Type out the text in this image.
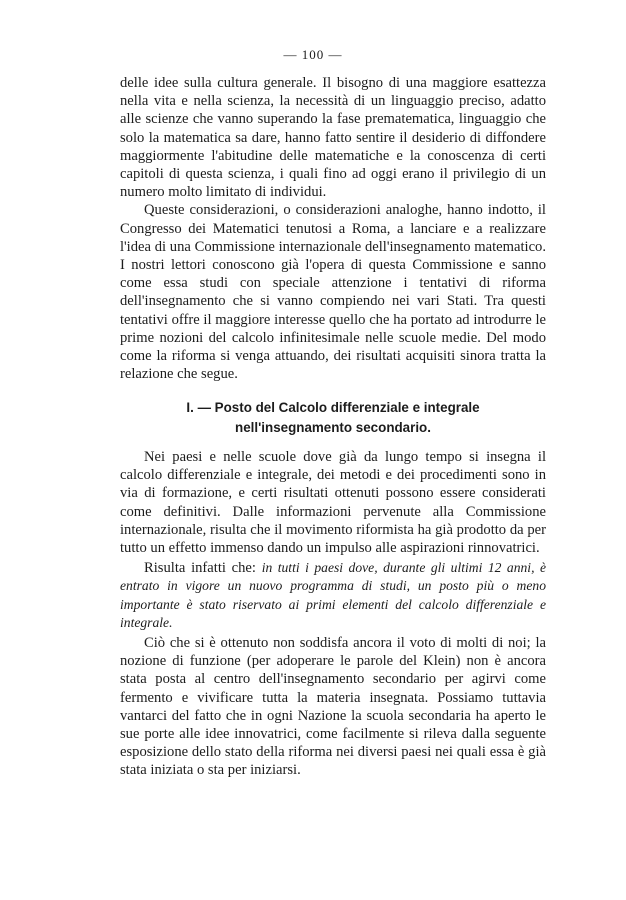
— 100 —

delle idee sulla cultura generale. Il bisogno di una maggiore esattezza nella vita e nella scienza, la necessità di un linguaggio preciso, adatto alle scienze che vanno superando la fase prematematica, linguaggio che solo la matematica sa dare, hanno fatto sentire il desiderio di diffondere maggiormente l'abitudine delle matematiche e la conoscenza di certi capitoli di questa scienza, i quali fino ad oggi erano il privilegio di un numero molto limitato di individui.

Queste considerazioni, o considerazioni analoghe, hanno indotto, il Congresso dei Matematici tenutosi a Roma, a lanciare e a realizzare l'idea di una Commissione internazionale dell'insegnamento matematico. I nostri lettori conoscono già l'opera di questa Commissione e sanno come essa studi con speciale attenzione i tentativi di riforma dell'insegnamento che si vanno compiendo nei vari Stati. Tra questi tentativi offre il maggiore interesse quello che ha portato ad introdurre le prime nozioni del calcolo infinitesimale nelle scuole medie. Del modo come la riforma si venga attuando, dei risultati acquisiti sinora tratta la relazione che segue.

I. — Posto del Calcolo differenziale e integrale
nell'insegnamento secondario.

Nei paesi e nelle scuole dove già da lungo tempo si insegna il calcolo differenziale e integrale, dei metodi e dei procedimenti sono in via di formazione, e certi risultati ottenuti possono essere considerati come definitivi. Dalle informazioni pervenute alla Commissione internazionale, risulta che il movimento riformista ha già prodotto da per tutto un effetto immenso dando un impulso alle aspirazioni rinnovatrici.

Risulta infatti che: in tutti i paesi dove, durante gli ultimi 12 anni, è entrato in vigore un nuovo programma di studi, un posto più o meno importante è stato riservato ai primi elementi del calcolo differenziale e integrale.

Ciò che si è ottenuto non soddisfa ancora il voto di molti di noi; la nozione di funzione (per adoperare le parole del Klein) non è ancora stata posta al centro dell'insegnamento secondario per agirvi come fermento e vivificare tutta la materia insegnata. Possiamo tuttavia vantarci del fatto che in ogni Nazione la scuola secondaria ha aperto le sue porte alle idee innovatrici, come facilmente si rileva dalla seguente esposizione dello stato della riforma nei diversi paesi nei quali essa è già stata iniziata o sta per iniziarsi.
